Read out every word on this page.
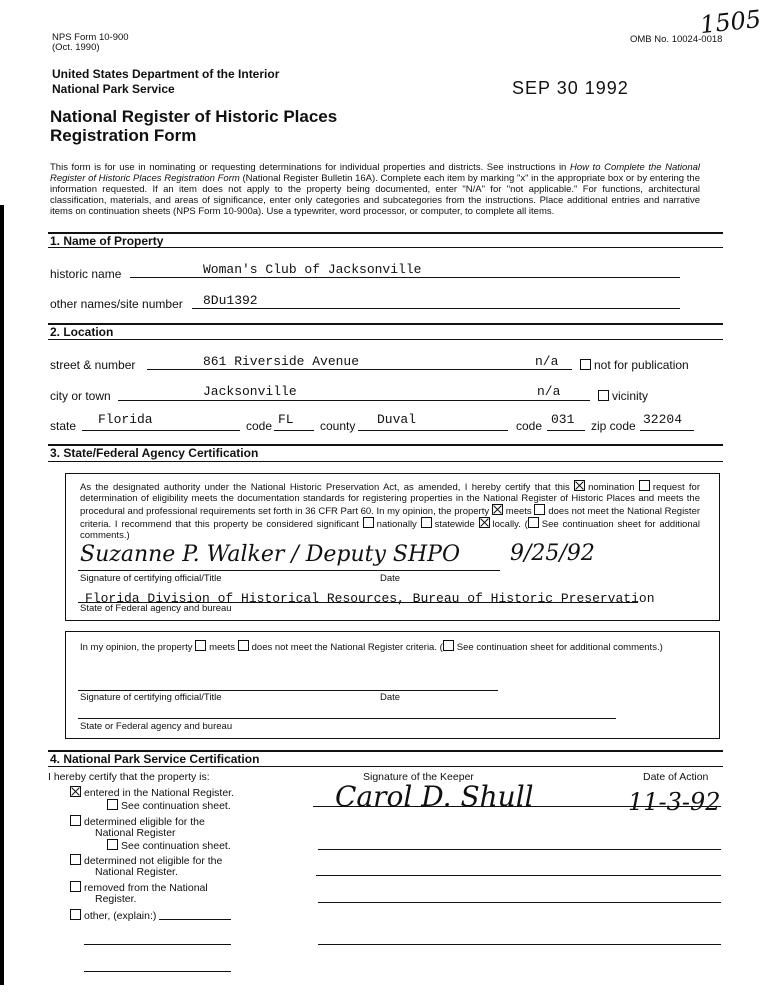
NPS Form 10-900
(Oct. 1990)
OMB No. 10024-0018
1505
United States Department of the Interior
National Park Service	SEP 30 1992
National Register of Historic Places
Registration Form
This form is for use in nominating or requesting determinations for individual properties and districts. See instructions in How to Complete the National Register of Historic Places Registration Form (National Register Bulletin 16A). Complete each item by marking "x" in the appropriate box or by entering the information requested. If an item does not apply to the property being documented, enter "N/A" for "not applicable." For functions, architectural classification, materials, and areas of significance, enter only categories and subcategories from the instructions. Place additional entries and narrative items on continuation sheets (NPS Form 10-900a). Use a typewriter, word processor, or computer, to complete all items.
1. Name of Property
historic name	Woman's Club of Jacksonville
other names/site number 8Du1392
2. Location
street & number	861 Riverside Avenue	n/a	not for publication
city or town	Jacksonville	n/a	vicinity
state Florida	code FL county Duval	code 031 zip code 32204
3. State/Federal Agency Certification
As the designated authority under the National Historic Preservation Act, as amended, I hereby certify that this nomination request for determination of eligibility meets the documentation standards for registering properties in the National Register of Historic Places and meets the procedural and professional requirements set forth in 36 CFR Part 60. In my opinion, the property meets does not meet the National Register criteria. I recommend that this property be considered significant nationally statewide locally. ( See continuation sheet for additional comments.)
Suzanne P. Walker / Deputy SHPO 9/25/92
Signature of certifying official/Title	Date
Florida Division of Historical Resources, Bureau of Historic Preservation
State of Federal agency and bureau
In my opinion, the property meets does not meet the National Register criteria. ( See continuation sheet for additional comments.)
Signature of certifying official/Title	Date
State or Federal agency and bureau
4. National Park Service Certification
I hereby certify that the property is:	Signature of the Keeper	Date of Action
Carol D. Shull	11-3-92
entered in the National Register.
See continuation sheet.
determined eligible for the
National Register
See continuation sheet.
determined not eligible for the
National Register.
removed from the National
Register.
other, (explain:)
